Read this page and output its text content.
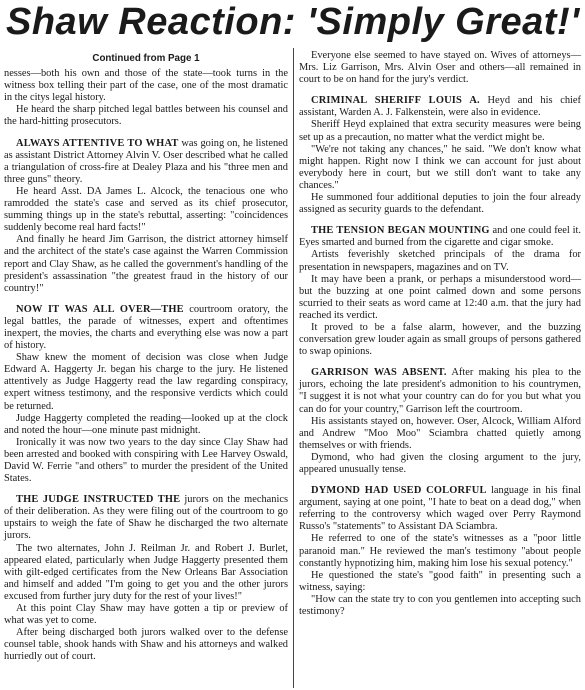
Shaw Reaction: 'Simply Great!'
Continued from Page 1

nesses—both his own and those of the state—took turns in the witness box telling their part of the case, one of the most dramatic in the citys legal history.

He heard the sharp pitched legal battles between his counsel and the hard-hitting prosecutors.

ALWAYS ATTENTIVE TO WHAT was going on, he listened as assistant District Attorney Alvin V. Oser described what he called a triangulation of cross-fire at Dealey Plaza and his "three men and three guns" theory.

He heard Asst. DA James L. Alcock, the tenacious one who ramrodded the state's case and served as its chief prosecutor, summing things up in the state's rebuttal, asserting: "coincidences suddenly become real hard facts!"

And finally he heard Jim Garrison, the district attorney himself and the architect of the state's case against the Warren Commission report and Clay Shaw, as he called the government's handling of the president's assassination "the greatest fraud in the history of our country!"

NOW IT WAS ALL OVER—THE courtroom oratory, the legal battles, the parade of witnesses, expert and oftentimes inexpert, the movies, the charts and everything else was now a part of history.

Shaw knew the moment of decision was close when Judge Edward A. Haggerty Jr. began his charge to the jury. He listened attentively as Judge Haggerty read the law regarding conspiracy, expert witness testimony, and the responsive verdicts which could be returned.

Judge Haggerty completed the reading—looked up at the clock and noted the hour—one minute past midnight.

Ironically it was now two years to the day since Clay Shaw had been arrested and booked with conspiring with Lee Harvey Oswald, David W. Ferrie "and others" to murder the president of the United States.

THE JUDGE INSTRUCTED THE jurors on the mechanics of their deliberation. As they were filing out of the courtroom to go upstairs to weigh the fate of Shaw he discharged the two alternate jurors.

The two alternates, John J. Reilman Jr. and Robert J. Burlet, appeared elated, particularly when Judge Haggerty presented them with gilt-edged certificates from the New Orleans Bar Association and himself and added "I'm going to get you and the other jurors excused from further jury duty for the rest of your lives!"

At this point Clay Shaw may have gotten a tip or preview of what was yet to come.

After being discharged both jurors walked over to the defense counsel table, shook hands with Shaw and his attorneys and walked hurriedly out of court.

Everyone else seemed to have stayed on. Wives of attorneys—Mrs. Liz Garrison, Mrs. Alvin Oser and others—all remained in court to be on hand for the jury's verdict.

CRIMINAL SHERIFF LOUIS A. Heyd and his chief assistant, Warden A. J. Falkenstein, were also in evidence.

Sheriff Heyd explained that extra security measures were being set up as a precaution, no matter what the verdict might be.

"We're not taking any chances," he said. "We don't know what might happen. Right now I think we can account for just about everybody here in court, but we still don't want to take any chances."

He summoned four additional deputies to join the four already assigned as security guards to the defendant.

THE TENSION BEGAN MOUNTING and one could feel it. Eyes smarted and burned from the cigarette and cigar smoke.

Artists feverishly sketched principals of the drama for presentation in newspapers, magazines and on TV.

It may have been a prank, or perhaps a misunderstood word—but the buzzing at one point calmed down and some persons scurried to their seats as word came at 12:40 a.m. that the jury had reached its verdict.

It proved to be a false alarm, however, and the buzzing conversation grew louder again as small groups of persons gathered to swap opinions.

GARRISON WAS ABSENT. After making his plea to the jurors, echoing the late president's admonition to his countrymen, "I suggest it is not what your country can do for you but what you can do for your country," Garrison left the courtroom.

His assistants stayed on, however. Oser, Alcock, William Alford and Andrew "Moo Moo" Sciambra chatted quietly among themselves or with friends.

Dymond, who had given the closing argument to the jury, appeared unusually tense.

DYMOND HAD USED COLORFUL language in his final argument, saying at one point, "I hate to beat on a dead dog," when referring to the controversy which waged over Perry Raymond Russo's "statements" to Assistant DA Sciambra.

He referred to one of the state's witnesses as a "poor little paranoid man." He reviewed the man's testimony "about people constantly hypnotizing him, making him lose his sexual potency."

He questioned the state's "good faith" in presenting such a witness, saying:

"How can the state try to con you gentlemen into accepting such testimony?
